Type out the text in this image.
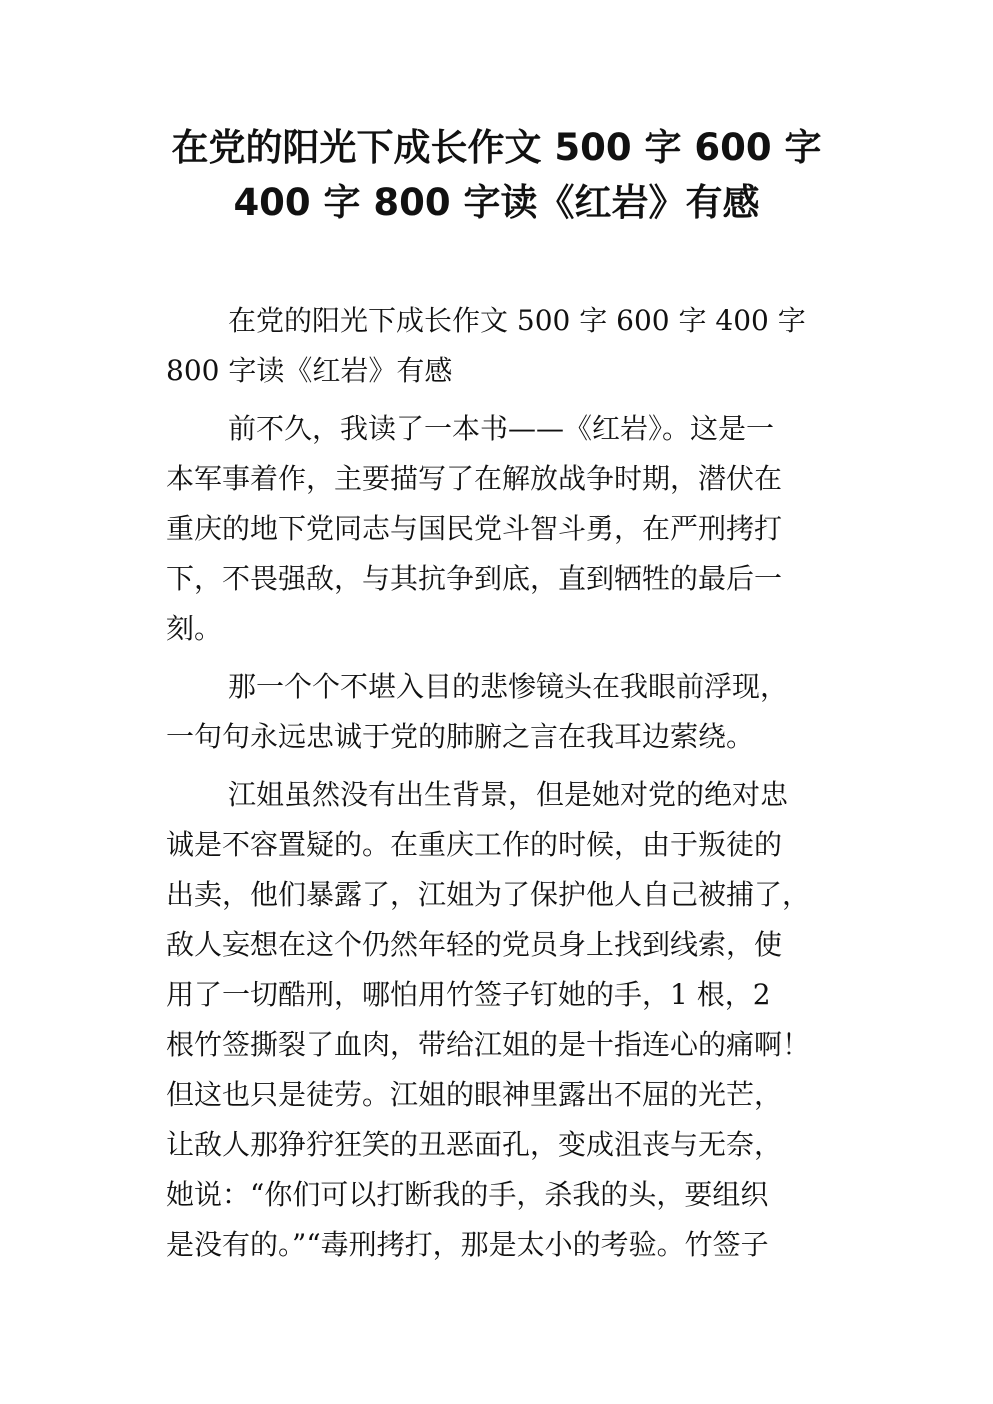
在党的阳光下成长作文 500 字 600 字
400 字 800 字读《红岩》有感

在党的阳光下成长作文 500 字 600 字 400 字
800 字读《红岩》有感

前不久，我读了一本书——《红岩》。这是一
本军事着作，主要描写了在解放战争时期，潜伏在
重庆的地下党同志与国民党斗智斗勇，在严刑拷打
下，不畏强敌，与其抗争到底，直到牺牲的最后一
刻。

那一个个不堪入目的悲惨镜头在我眼前浮现，
一句句永远忠诚于党的肺腑之言在我耳边萦绕。

江姐虽然没有出生背景，但是她对党的绝对忠
诚是不容置疑的。在重庆工作的时候，由于叛徒的
出卖，他们暴露了，江姐为了保护他人自己被捕了，
敌人妄想在这个仍然年轻的党员身上找到线索，使
用了一切酷刑，哪怕用竹签子钉她的手，1 根，2
根竹签撕裂了血肉，带给江姐的是十指连心的痛啊！
但这也只是徒劳。江姐的眼神里露出不屈的光芒，
让敌人那狰狞狂笑的丑恶面孔，变成沮丧与无奈，
她说：“你们可以打断我的手，杀我的头，要组织
是没有的。”“毒刑拷打，那是太小的考验。竹签子
